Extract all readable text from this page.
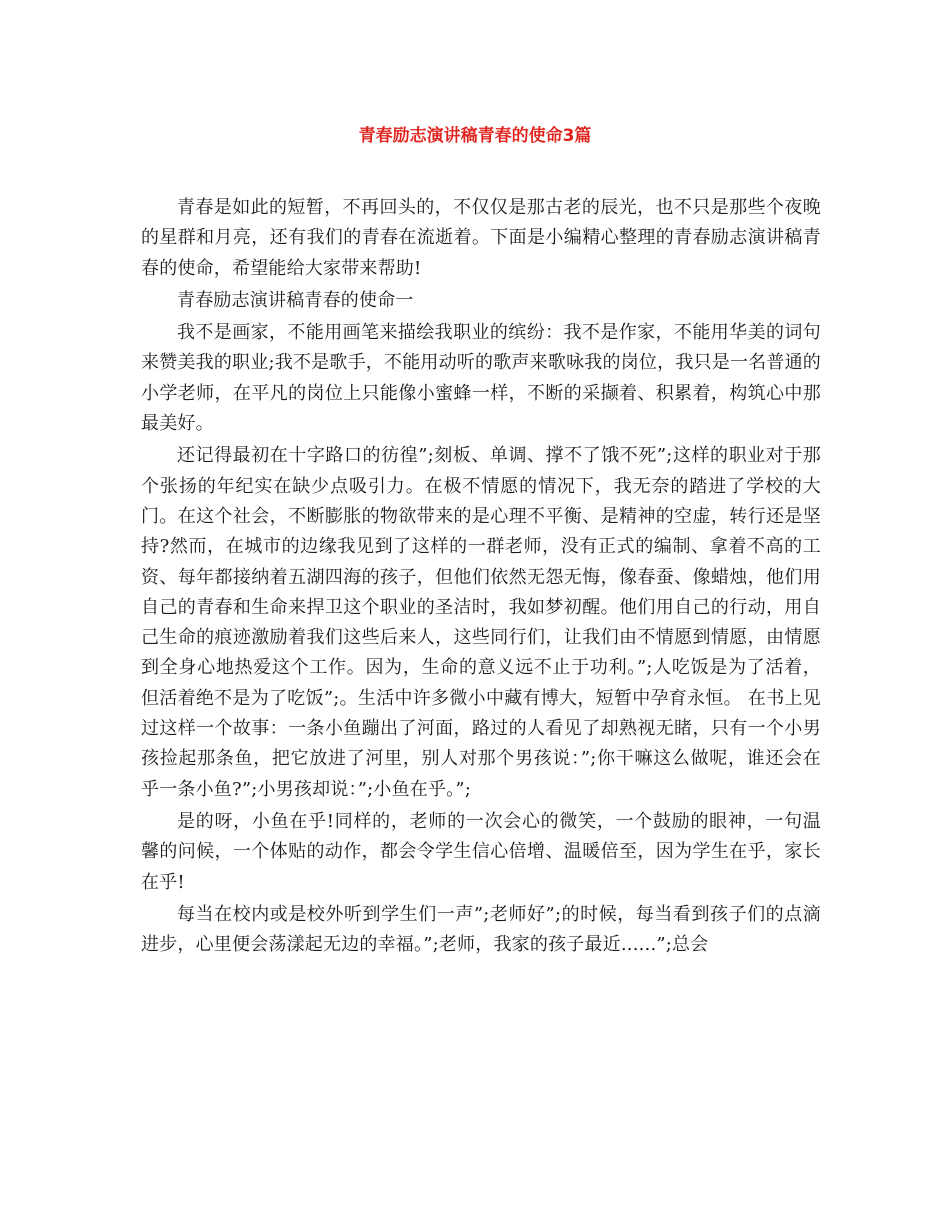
青春励志演讲稿青春的使命3篇

青春是如此的短暂，不再回头的，不仅仅是那古老的辰光，也不只是那些个夜晚的星群和月亮，还有我们的青春在流逝着。下面是小编精心整理的青春励志演讲稿青春的使命，希望能给大家带来帮助!

青春励志演讲稿青春的使命一

我不是画家，不能用画笔来描绘我职业的缤纷：我不是作家，不能用华美的词句来赞美我的职业;我不是歌手，不能用动听的歌声来歌咏我的岗位，我只是一名普通的小学老师，在平凡的岗位上只能像小蜜蜂一样，不断的采撷着、积累着，构筑心中那最美好。

还记得最初在十字路口的彷徨”;刻板、单调、撑不了饿不死”;这样的职业对于那个张扬的年纪实在缺少点吸引力。在极不情愿的情况下，我无奈的踏进了学校的大门。在这个社会，不断膨胀的物欲带来的是心理不平衡、是精神的空虚，转行还是坚持?然而，在城市的边缘我见到了这样的一群老师，没有正式的编制、拿着不高的工资、每年都接纳着五湖四海的孩子，但他们依然无怨无悔，像春蚕、像蜡烛，他们用自己的青春和生命来捍卫这个职业的圣洁时，我如梦初醒。他们用自己的行动，用自己生命的痕迹激励着我们这些后来人，这些同行们，让我们由不情愿到情愿，由情愿到全身心地热爱这个工作。因为，生命的意义远不止于功利。”;人吃饭是为了活着，但活着绝不是为了吃饭”;。生活中许多微小中藏有博大，短暂中孕育永恒。 在书上见过这样一个故事：一条小鱼蹦出了河面，路过的人看见了却熟视无睹，只有一个小男孩捡起那条鱼，把它放进了河里，别人对那个男孩说：”;你干嘛这么做呢，谁还会在乎一条小鱼?”;小男孩却说：”;小鱼在乎。”;

是的呀，小鱼在乎!同样的，老师的一次会心的微笑，一个鼓励的眼神，一句温馨的问候，一个体贴的动作，都会令学生信心倍增、温暖倍至，因为学生在乎，家长在乎!

每当在校内或是校外听到学生们一声”;老师好”;的时候，每当看到孩子们的点滴进步，心里便会荡漾起无边的幸福。”;老师，我家的孩子最近......”;总会
